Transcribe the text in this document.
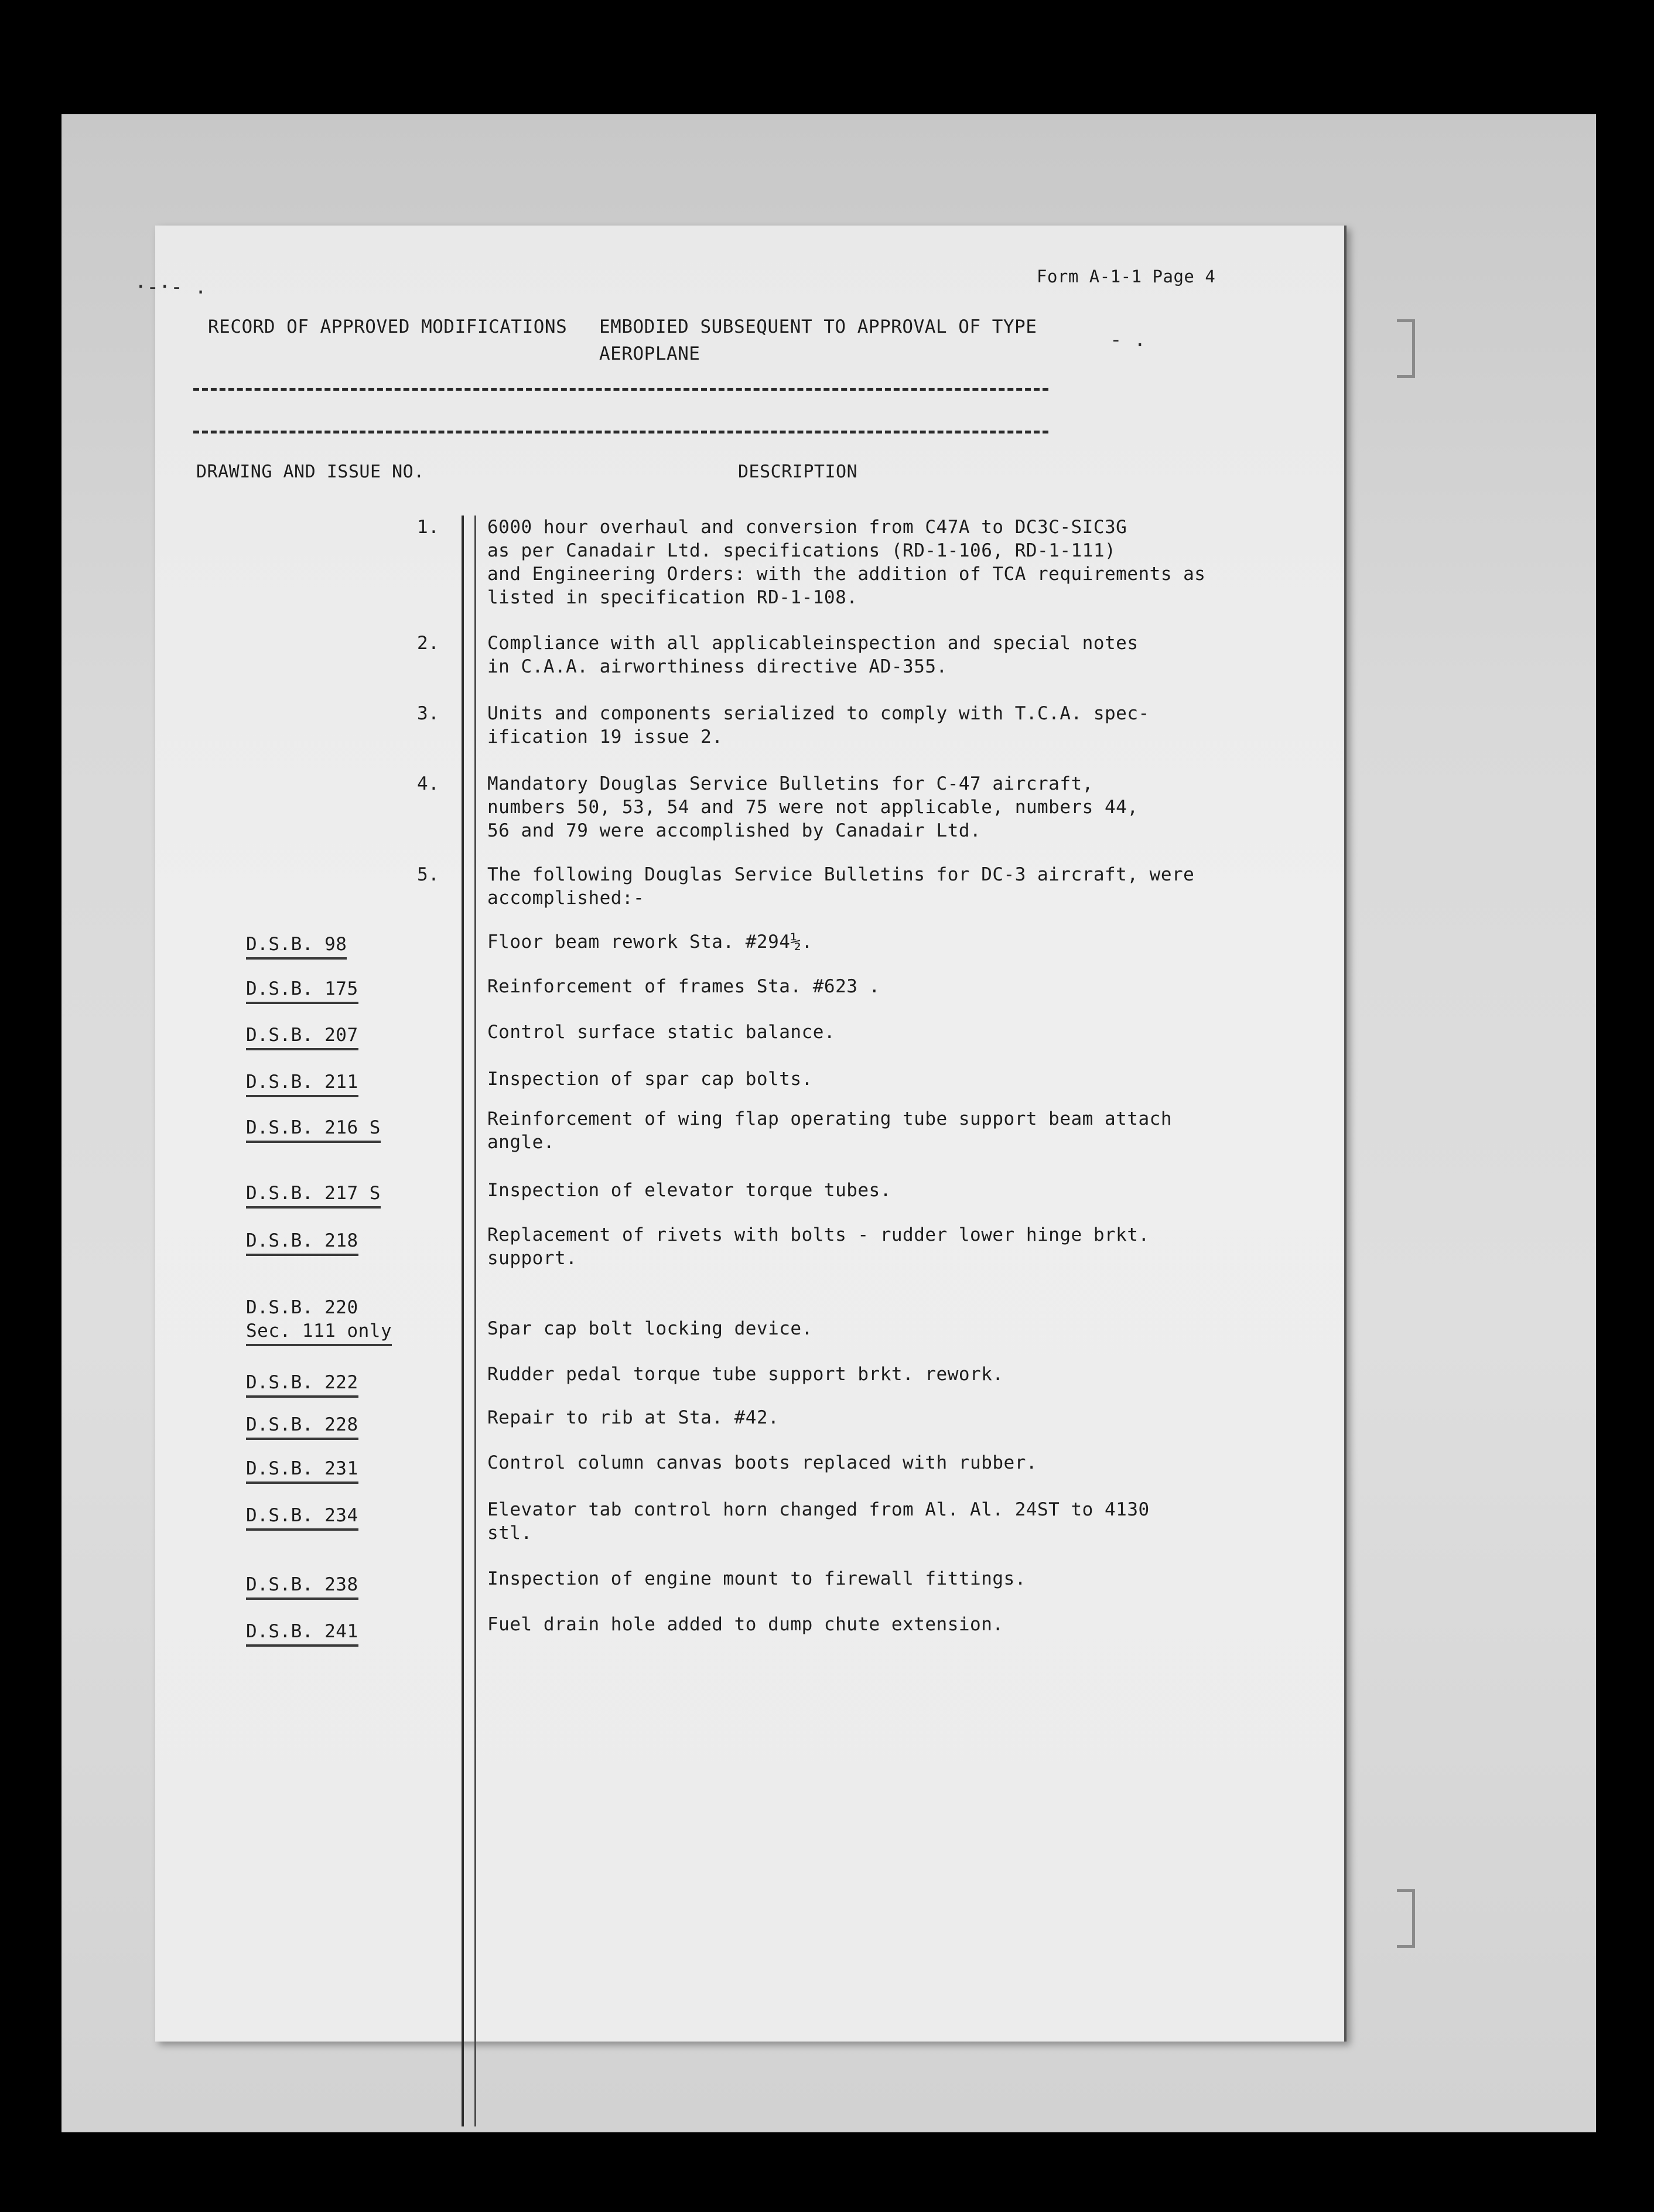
·-·- .
- .
Form A-1-1 Page 4
RECORD OF APPROVED MODIFICATIONS EMBODIED SUBSEQUENT TO APPROVAL OF TYPE
AEROPLANE
DRAWING AND ISSUE NO.	DESCRIPTION
1.	6000 hour overhaul and conversion from C47A to DC3C-SIC3G
as per Canadair Ltd. specifications (RD-1-106, RD-1-111)
and Engineering Orders: with the addition of TCA requirements as
listed in specification RD-1-108.
2.	Compliance with all applicableinspection and special notes
in C.A.A. airworthiness directive AD-355.
3.	Units and components serialized to comply with T.C.A. spec-
ification 19 issue 2.
4.	Mandatory Douglas Service Bulletins for C-47 aircraft,
numbers 50, 53, 54 and 75 were not applicable, numbers 44,
56 and 79 were accomplished by Canadair Ltd.
5.	The following Douglas Service Bulletins for DC-3 aircraft, were
accomplished:-
D.S.B. 98	Floor beam rework Sta. #294½.
D.S.B. 175	Reinforcement of frames Sta. #623 .
D.S.B. 207	Control surface static balance.
D.S.B. 211	Inspection of spar cap bolts.
D.S.B. 216 S	Reinforcement of wing flap operating tube support beam attach
angle.
D.S.B. 217 S	Inspection of elevator torque tubes.
D.S.B. 218	Replacement of rivets with bolts - rudder lower hinge brkt.
support.
D.S.B. 220
Sec. 111 only	Spar cap bolt locking device.
D.S.B. 222	Rudder pedal torque tube support brkt. rework.
D.S.B. 228	Repair to rib at Sta. #42.
D.S.B. 231	Control column canvas boots replaced with rubber.
D.S.B. 234	Elevator tab control horn changed from Al. Al. 24ST to 4130
stl.
D.S.B. 238	Inspection of engine mount to firewall fittings.
D.S.B. 241	Fuel drain hole added to dump chute extension.
